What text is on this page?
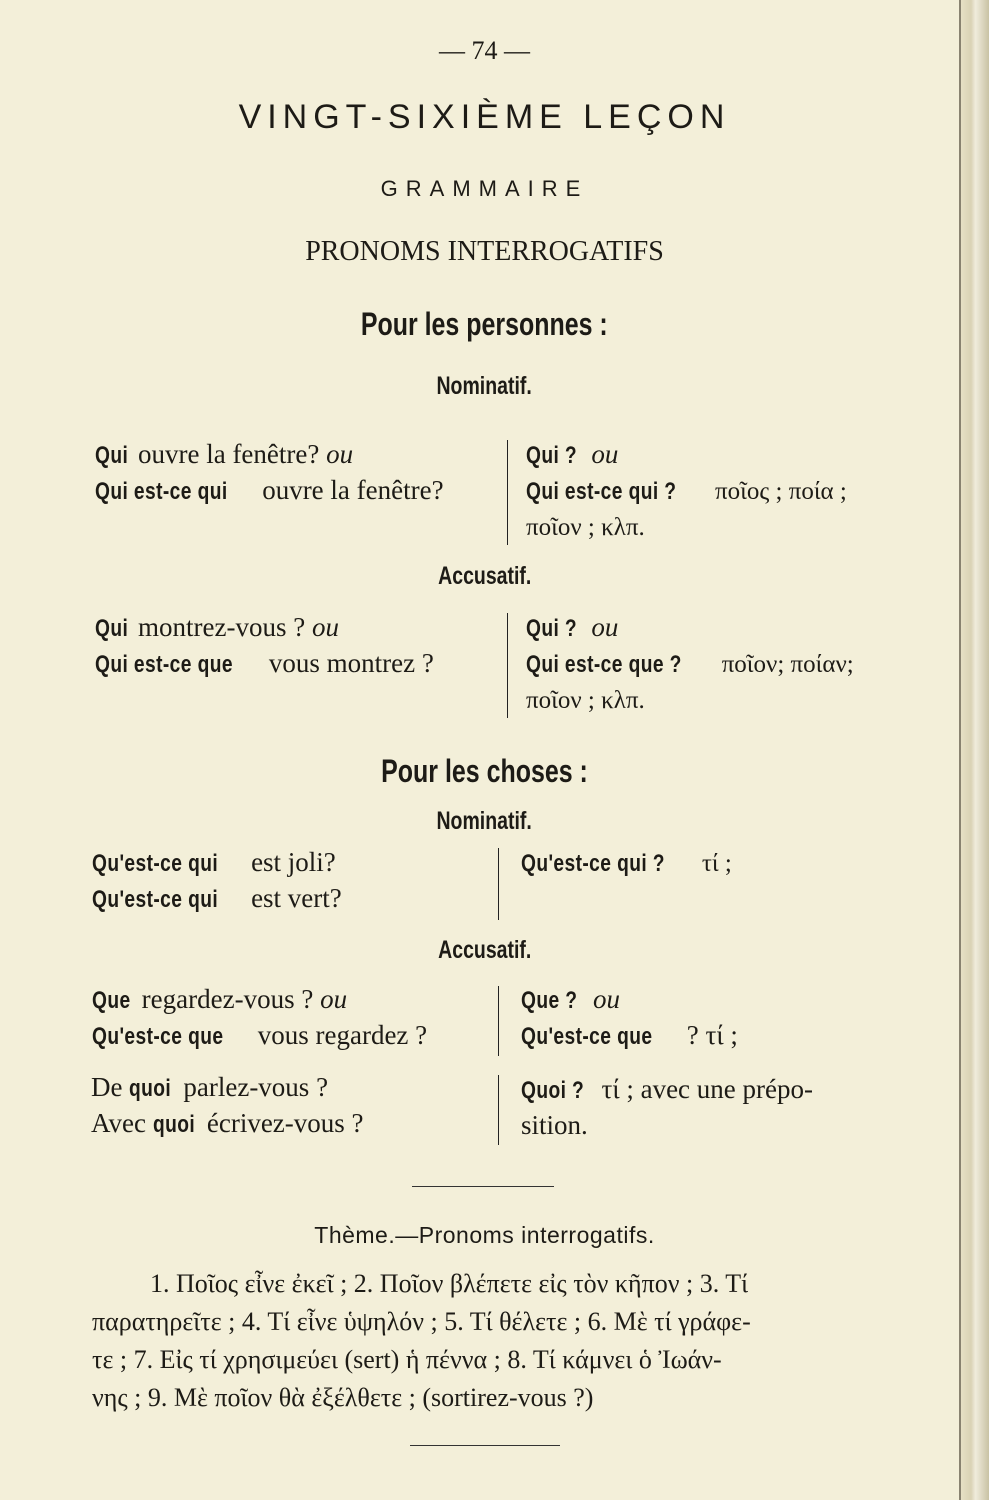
— 74 —
VINGT-SIXIÈME LEÇON
GRAMMAIRE
PRONOMS INTERROGATIFS
Pour les personnes :
Nominatif.
Qui ouvre la fenêtre? ou
Qui est-ce qui ouvre la fenêtre?
Qui ? ou
Qui est-ce qui ? ποῖος ; ποία ;
ποῖον ; κλπ.
Accusatif.
Qui montrez-vous ? ou
Qui est-ce que vous montrez ?
Qui ? ou
Qui est-ce que ? ποῖον; ποίαν;
ποῖον ; κλπ.
Pour les choses :
Nominatif.
Qu'est-ce qui est joli?
Qu'est-ce qui est vert?
Qu'est-ce qui ? τί ;
Accusatif.
Que regardez-vous ? ou
Qu'est-ce que vous regardez ?
Que ? ou
Qu'est-ce que ? τί ;
De quoi parlez-vous ?
Avec quoi écrivez-vous ?
Quoi ? τί ; avec une prépo-
sition.
Thème.—Pronoms interrogatifs.
1. Ποῖος εἶνε ἐκεῖ ; 2. Ποῖον βλέπετε εἰς τὸν κῆπον ; 3. Τί
παρατηρεῖτε ; 4. Τί εἶνε ὑψηλόν ; 5. Τί θέλετε ; 6. Μὲ τί γράφε-
τε ; 7. Εἰς τί χρησιμεύει (sert) ἡ πέννα ; 8. Τί κάμνει ὁ Ἰωάν-
νης ; 9. Μὲ ποῖον θὰ ἐξέλθετε ; (sortirez-vous ?)
